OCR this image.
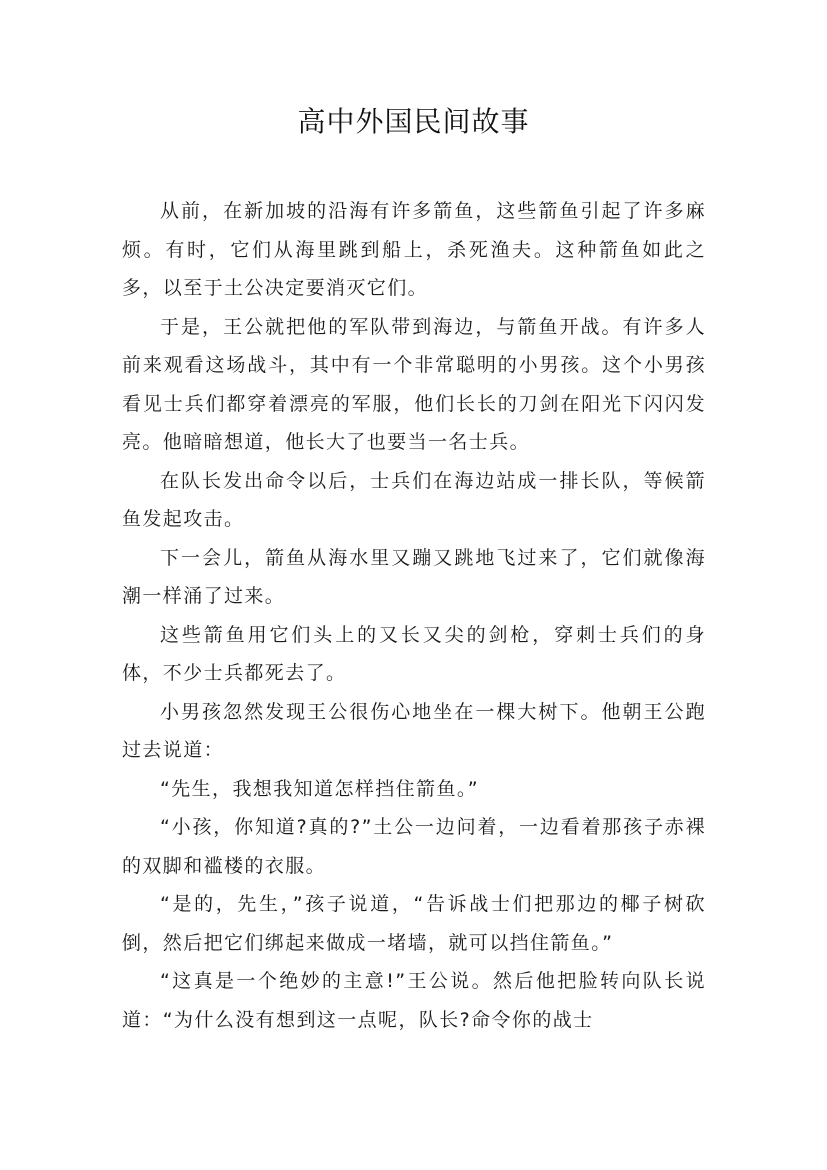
高中外国民间故事

从前，在新加坡的沿海有许多箭鱼，这些箭鱼引起了许多麻烦。有时，它们从海里跳到船上，杀死渔夫。这种箭鱼如此之多，以至于土公决定要消灭它们。

于是，王公就把他的军队带到海边，与箭鱼开战。有许多人前来观看这场战斗，其中有一个非常聪明的小男孩。这个小男孩看见士兵们都穿着漂亮的军服，他们长长的刀剑在阳光下闪闪发亮。他暗暗想道，他长大了也要当一名士兵。

在队长发出命令以后，士兵们在海边站成一排长队，等候箭鱼发起攻击。

下一会儿，箭鱼从海水里又蹦又跳地飞过来了，它们就像海潮一样涌了过来。

这些箭鱼用它们头上的又长又尖的剑枪，穿刺士兵们的身体，不少士兵都死去了。

小男孩忽然发现王公很伤心地坐在一棵大树下。他朝王公跑过去说道：

“先生，我想我知道怎样挡住箭鱼。”

“小孩，你知道?真的?”土公一边问着，一边看着那孩子赤裸的双脚和褴楼的衣服。

“是的，先生，”孩子说道，“告诉战士们把那边的椰子树砍倒，然后把它们绑起来做成一堵墙，就可以挡住箭鱼。”

“这真是一个绝妙的主意!”王公说。然后他把脸转向队长说道：“为什么没有想到这一点呢，队长?命令你的战士
